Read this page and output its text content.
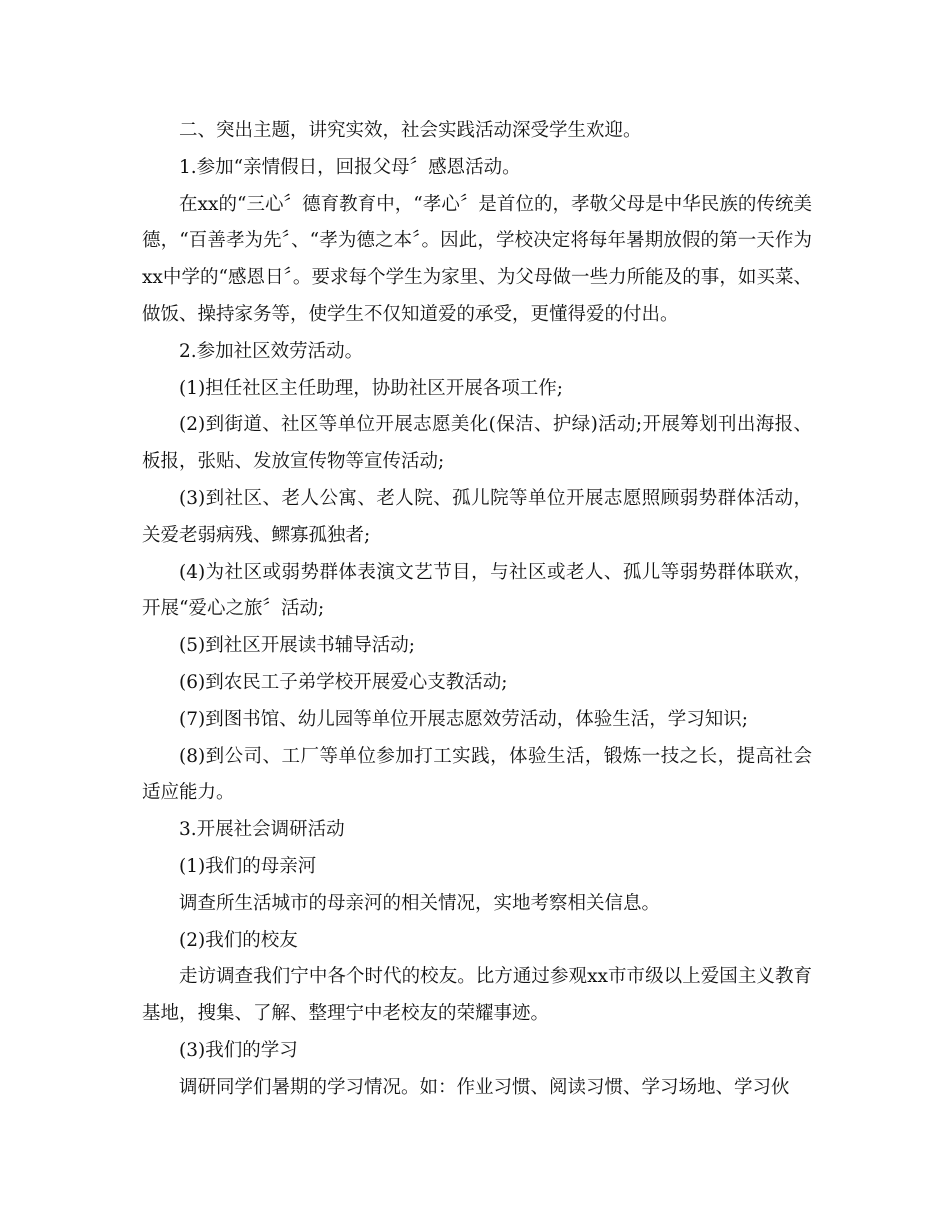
二、突出主题，讲究实效，社会实践活动深受学生欢迎。

1.参加“亲情假日，回报父母〞感恩活动。

在xx的“三心〞德育教育中，“孝心〞是首位的，孝敬父母是中华民族的传统美德，“百善孝为先〞、“孝为德之本〞。因此，学校决定将每年暑期放假的第一天作为xx中学的“感恩日〞。要求每个学生为家里、为父母做一些力所能及的事，如买菜、做饭、操持家务等，使学生不仅知道爱的承受，更懂得爱的付出。

2.参加社区效劳活动。

(1)担任社区主任助理，协助社区开展各项工作;

(2)到街道、社区等单位开展志愿美化(保洁、护绿)活动;开展筹划刊出海报、板报，张贴、发放宣传物等宣传活动;

(3)到社区、老人公寓、老人院、孤儿院等单位开展志愿照顾弱势群体活动，关爱老弱病残、鳏寡孤独者;

(4)为社区或弱势群体表演文艺节目，与社区或老人、孤儿等弱势群体联欢，开展“爱心之旅〞活动;

(5)到社区开展读书辅导活动;

(6)到农民工子弟学校开展爱心支教活动;

(7)到图书馆、幼儿园等单位开展志愿效劳活动，体验生活，学习知识;

(8)到公司、工厂等单位参加打工实践，体验生活，锻炼一技之长，提高社会适应能力。

3.开展社会调研活动

(1)我们的母亲河

调查所生活城市的母亲河的相关情况，实地考察相关信息。

(2)我们的校友

走访调查我们宁中各个时代的校友。比方通过参观xx市市级以上爱国主义教育基地，搜集、了解、整理宁中老校友的荣耀事迹。

(3)我们的学习

调研同学们暑期的学习情况。如：作业习惯、阅读习惯、学习场地、学习伙
